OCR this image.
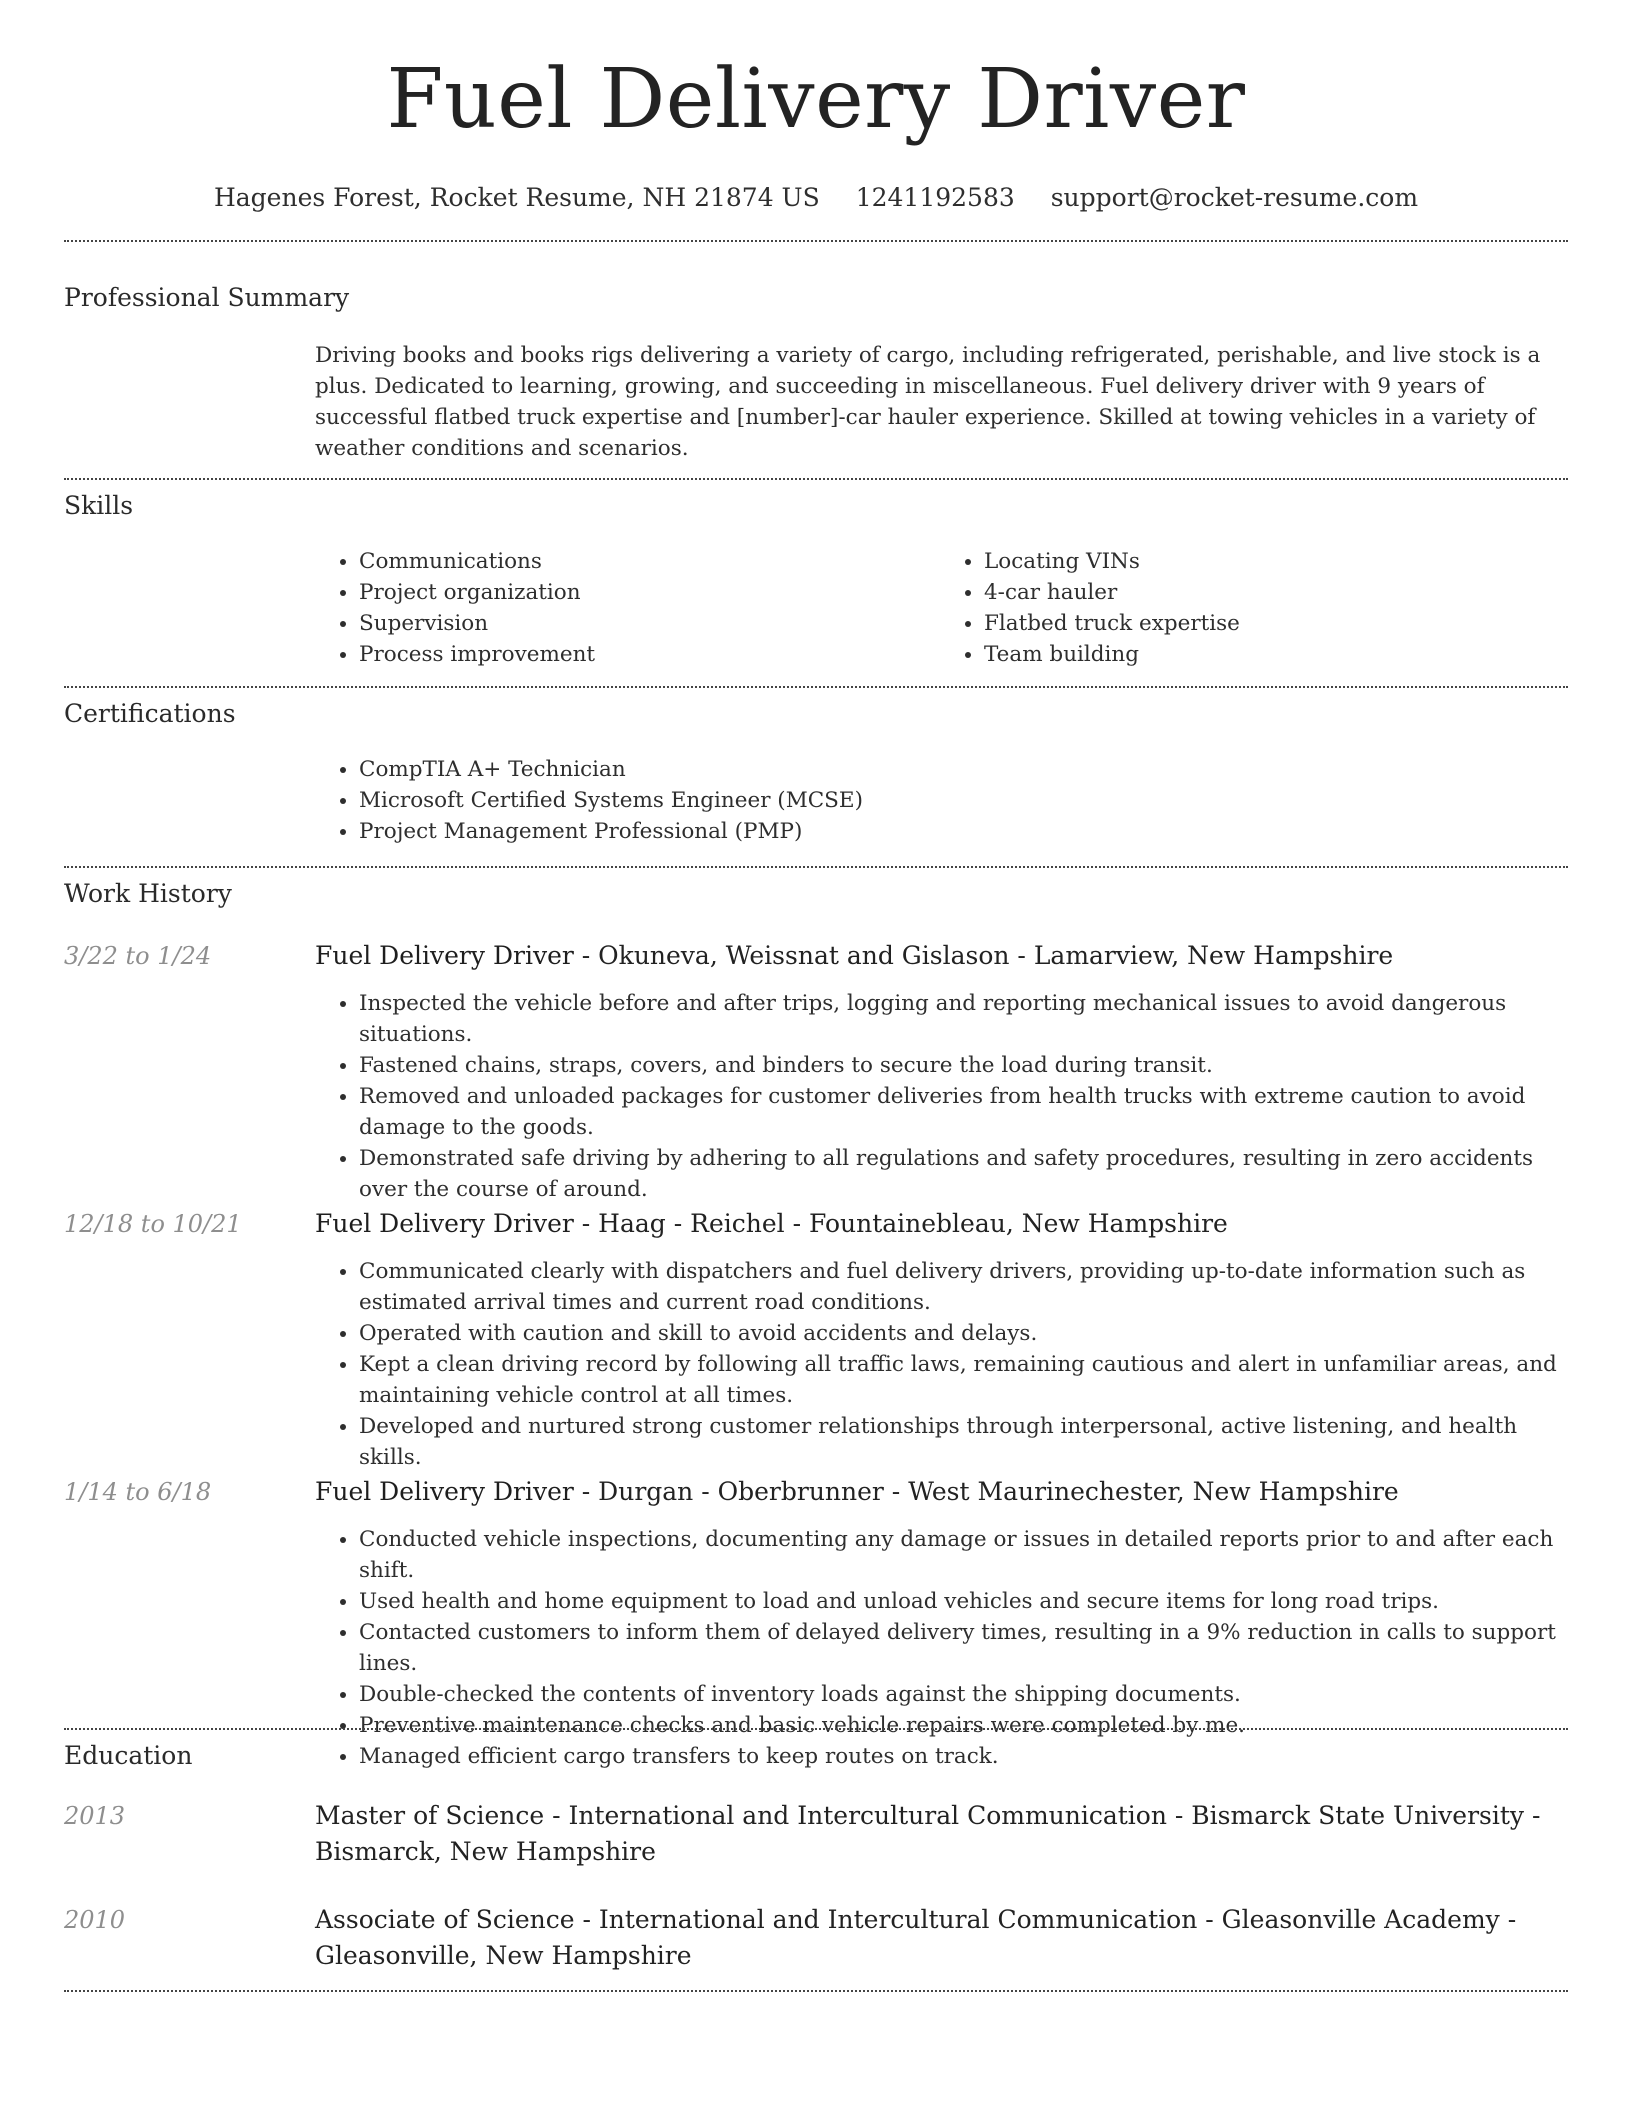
Fuel Delivery Driver
Hagenes Forest, Rocket Resume, NH 21874 US 1241192583 support@rocket-resume.com
Professional Summary

Driving books and books rigs delivering a variety of cargo, including refrigerated, perishable, and live stock is a plus. Dedicated to learning, growing, and succeeding in miscellaneous. Fuel delivery driver with 9 years of successful flatbed truck expertise and [number]-car hauler experience. Skilled at towing vehicles in a variety of weather conditions and scenarios.

Skills
• Communications
• Project organization
• Supervision
• Process improvement
• Locating VINs
• 4-car hauler
• Flatbed truck expertise
• Team building
Certifications
• CompTIA A+ Technician
• Microsoft Certified Systems Engineer (MCSE)
• Project Management Professional (PMP)
Work History
3/22 to 1/24	Fuel Delivery Driver - Okuneva, Weissnat and Gislason - Lamarview, New Hampshire

• Inspected the vehicle before and after trips, logging and reporting mechanical issues to avoid dangerous situations.
• Fastened chains, straps, covers, and binders to secure the load during transit.
• Removed and unloaded packages for customer deliveries from health trucks with extreme caution to avoid damage to the goods.
• Demonstrated safe driving by adhering to all regulations and safety procedures, resulting in zero accidents over the course of around.
12/18 to 10/21	Fuel Delivery Driver - Haag - Reichel - Fountainebleau, New Hampshire

• Communicated clearly with dispatchers and fuel delivery drivers, providing up-to-date information such as estimated arrival times and current road conditions.
• Operated with caution and skill to avoid accidents and delays.
• Kept a clean driving record by following all traffic laws, remaining cautious and alert in unfamiliar areas, and maintaining vehicle control at all times.
• Developed and nurtured strong customer relationships through interpersonal, active listening, and health skills.
1/14 to 6/18	Fuel Delivery Driver - Durgan - Oberbrunner - West Maurinechester, New Hampshire

• Conducted vehicle inspections, documenting any damage or issues in detailed reports prior to and after each shift.
• Used health and home equipment to load and unload vehicles and secure items for long road trips.
• Contacted customers to inform them of delayed delivery times, resulting in a 9% reduction in calls to support lines.
• Double-checked the contents of inventory loads against the shipping documents.
• Preventive maintenance checks and basic vehicle repairs were completed by me.
• Managed efficient cargo transfers to keep routes on track.
Education
2013	Master of Science - International and Intercultural Communication - Bismarck State University - Bismarck, New Hampshire

2010	Associate of Science - International and Intercultural Communication - Gleasonville Academy - Gleasonville, New Hampshire
